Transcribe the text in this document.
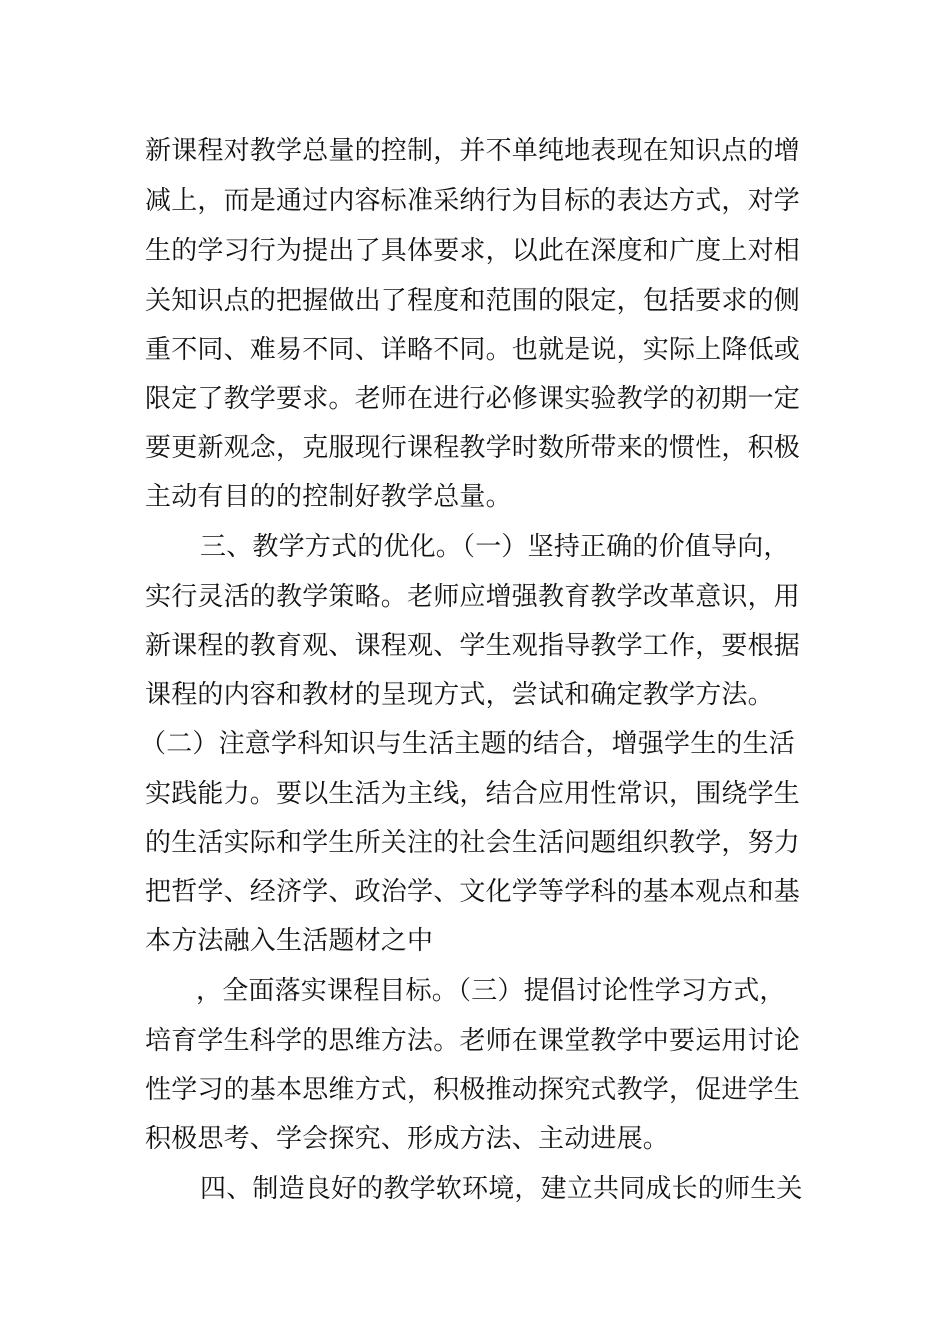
新课程对教学总量的控制，并不单纯地表现在知识点的增
减上，而是通过内容标准采纳行为目标的表达方式，对学
生的学习行为提出了具体要求，以此在深度和广度上对相
关知识点的把握做出了程度和范围的限定，包括要求的侧
重不同、难易不同、详略不同。也就是说，实际上降低或
限定了教学要求。老师在进行必修课实验教学的初期一定
要更新观念，克服现行课程教学时数所带来的惯性，积极
主动有目的的控制好教学总量。
三、教学方式的优化。（一）坚持正确的价值导向，
实行灵活的教学策略。老师应增强教育教学改革意识，用
新课程的教育观、课程观、学生观指导教学工作，要根据
课程的内容和教材的呈现方式，尝试和确定教学方法。
（二）注意学科知识与生活主题的结合，增强学生的生活
实践能力。要以生活为主线，结合应用性常识，围绕学生
的生活实际和学生所关注的社会生活问题组织教学，努力
把哲学、经济学、政治学、文化学等学科的基本观点和基
本方法融入生活题材之中
，全面落实课程目标。（三）提倡讨论性学习方式，
培育学生科学的思维方法。老师在课堂教学中要运用讨论
性学习的基本思维方式，积极推动探究式教学，促进学生
积极思考、学会探究、形成方法、主动进展。
四、制造良好的教学软环境，建立共同成长的师生关
